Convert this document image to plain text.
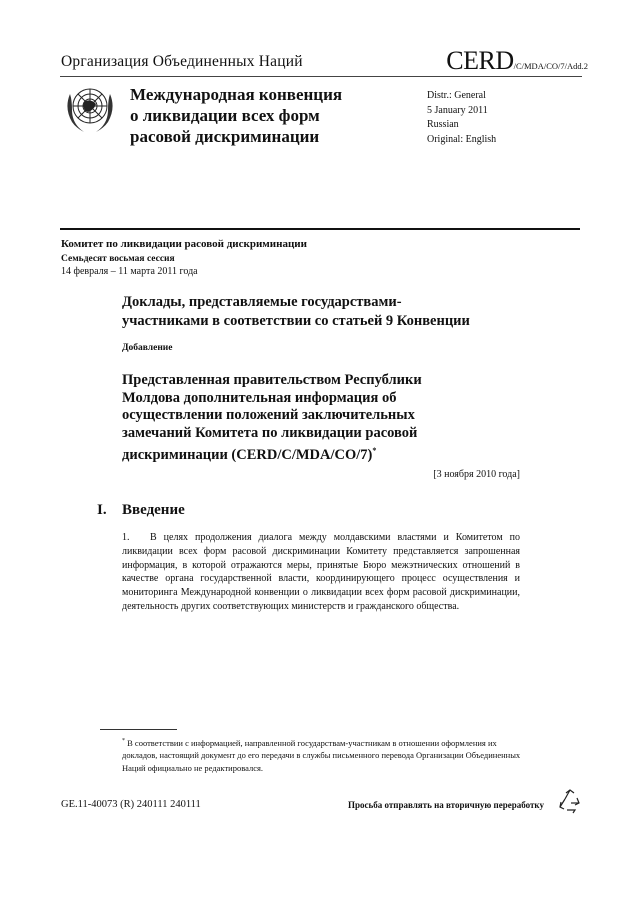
Организация Объединенных Наций	CERD/C/MDA/CO/7/Add.2
Международная конвенция
о ликвидации всех форм
расовой дискриминации
Distr.: General
5 January 2011
Russian
Original: English
Комитет по ликвидации расовой дискриминации
Семьдесят восьмая сессия
14 февраля – 11 марта 2011 года
Доклады, представляемые государствами-
участниками в соответствии со статьей 9 Конвенции
Добавление
Представленная правительством Республики
Молдова дополнительная информация об
осуществлении положений заключительных
замечаний Комитета по ликвидации расовой
дискриминации (CERD/C/MDA/CO/7)*
[3 ноября 2010 года]
I. Введение
1. В целях продолжения диалога между молдавскими властями и Комитетом по ликвидации всех форм расовой дискриминации Комитету представляется запрошенная информация, в которой отражаются меры, принятые Бюро межэтнических отношений в качестве органа государственной власти, координирующего процесс осуществления и мониторинга Международной конвенции о ликвидации всех форм расовой дискриминации, деятельность других соответствующих министерств и гражданского общества.
* В соответствии с информацией, направленной государствам-участникам в отношении оформления их докладов, настоящий документ до его передачи в службы письменного перевода Организации Объединенных Наций официально не редактировался.
GE.11-40073 (R) 240111 240111	Просьба отправлять на вторичную переработку
